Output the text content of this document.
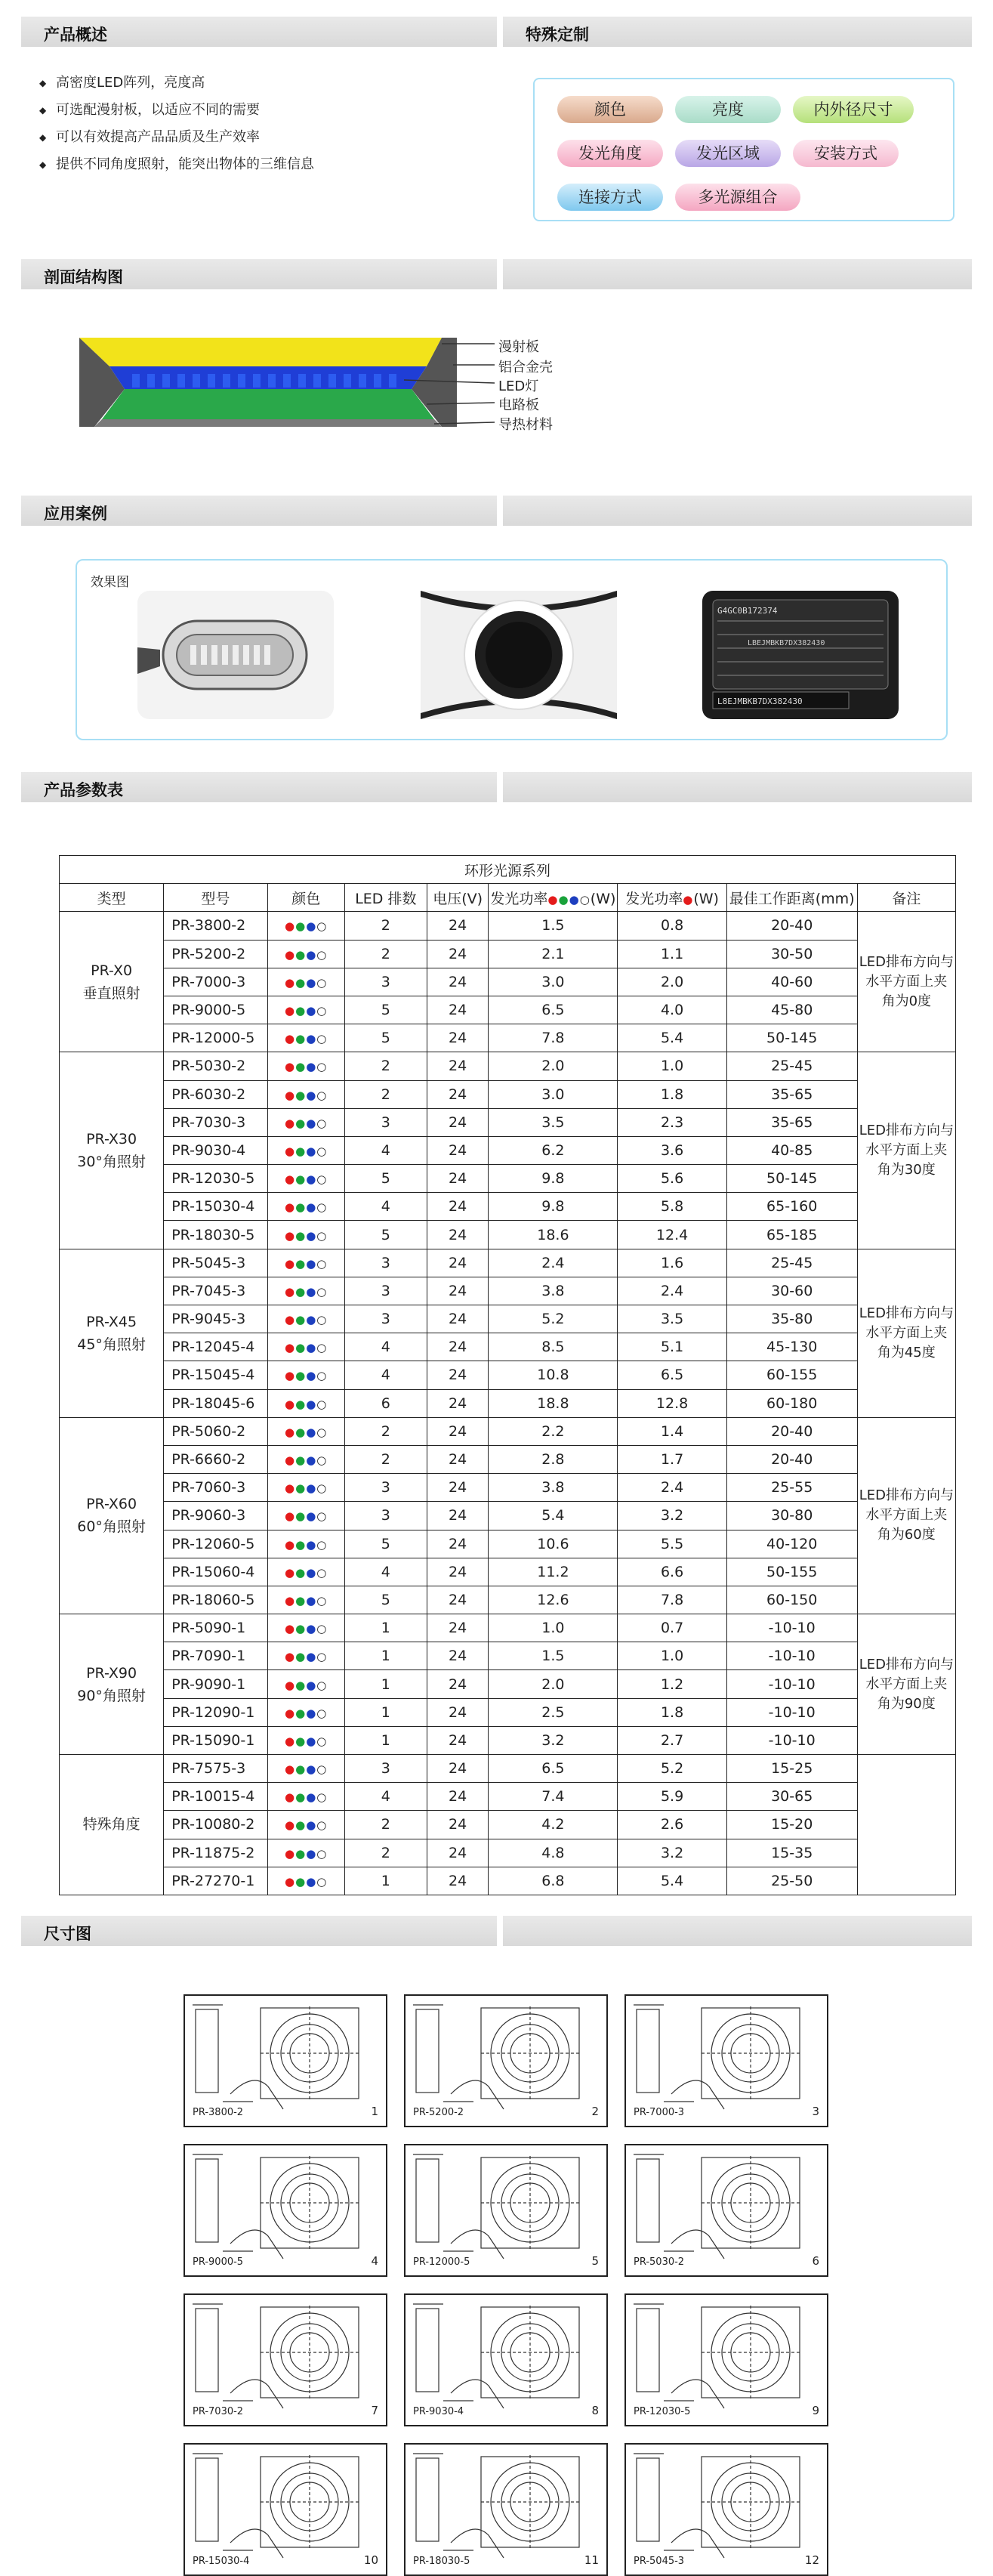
产品概述	特殊定制
◆ 高密度LED阵列，亮度高
◆ 可选配漫射板，以适应不同的需要
◆ 可以有效提高产品品质及生产效率
◆ 提供不同角度照射，能突出物体的三维信息
颜色	亮度	内外径尺寸
发光角度	发光区域	安装方式
连接方式	多光源组合
剖面结构图
漫射板
铝合金壳
LED灯
电路板
导热材料
应用案例
效果图
G4GC0B172374
LBEJMBKB7DX382430
L8EJMBKB7DX382430
产品参数表
环形光源系列								
类型	型号	颜色	LED 排数	电压(V)	发光功率●●●○(W)	发光功率●(W)	最佳工作距离(mm)	备注

PR-X0
垂直照射	PR-3800-2	●●●○	2	24	1.5	0.8	20-40	LED排布方向与水平方面上夹角为0度
	PR-5200-2	●●●○	2	24	2.1	1.1	30-50	
	PR-7000-3	●●●○	3	24	3.0	2.0	40-60	
	PR-9000-5	●●●○	5	24	6.5	4.0	45-80	
	PR-12000-5	●●●○	5	24	7.8	5.4	50-145	

PR-X30
30°角照射	PR-5030-2	●●●○	2	24	2.0	1.0	25-45	LED排布方向与水平方面上夹角为30度
	PR-6030-2	●●●○	2	24	3.0	1.8	35-65	
	PR-7030-3	●●●○	3	24	3.5	2.3	35-65	
	PR-9030-4	●●●○	4	24	6.2	3.6	40-85	
	PR-12030-5	●●●○	5	24	9.8	5.6	50-145	
	PR-15030-4	●●●○	4	24	9.8	5.8	65-160	
	PR-18030-5	●●●○	5	24	18.6	12.4	65-185	

PR-X45
45°角照射	PR-5045-3	●●●○	3	24	2.4	1.6	25-45	LED排布方向与水平方面上夹角为45度
	PR-7045-3	●●●○	3	24	3.8	2.4	30-60	
	PR-9045-3	●●●○	3	24	5.2	3.5	35-80	
	PR-12045-4	●●●○	4	24	8.5	5.1	45-130	
	PR-15045-4	●●●○	4	24	10.8	6.5	60-155	
	PR-18045-6	●●●○	6	24	18.8	12.8	60-180	

PR-X60
60°角照射	PR-5060-2	●●●○	2	24	2.2	1.4	20-40	LED排布方向与水平方面上夹角为60度
	PR-6660-2	●●●○	2	24	2.8	1.7	20-40	
	PR-7060-3	●●●○	3	24	3.8	2.4	25-55	
	PR-9060-3	●●●○	3	24	5.4	3.2	30-80	
	PR-12060-5	●●●○	5	24	10.6	5.5	40-120	
	PR-15060-4	●●●○	4	24	11.2	6.6	50-155	
	PR-18060-5	●●●○	5	24	12.6	7.8	60-150	

PR-X90
90°角照射	PR-5090-1	●●●○	1	24	1.0	0.7	-10-10	LED排布方向与水平方面上夹角为90度
	PR-7090-1	●●●○	1	24	1.5	1.0	-10-10	
	PR-9090-1	●●●○	1	24	2.0	1.2	-10-10	
	PR-12090-1	●●●○	1	24	2.5	1.8	-10-10	
	PR-15090-1	●●●○	1	24	3.2	2.7	-10-10	

特殊角度	PR-7575-3	●●●○	3	24	6.5	5.2	15-25	
	PR-10015-4	●●●○	4	24	7.4	5.9	30-65	
	PR-10080-2	●●●○	2	24	4.2	2.6	15-20	
	PR-11875-2	●●●○	2	24	4.8	3.2	15-35	
	PR-27270-1	●●●○	1	24	6.8	5.4	25-50	
尺寸图
PR-3800-2	1	PR-5200-2	2	PR-7000-3	3
PR-9000-5	4	PR-12000-5	5	PR-5030-2	6
PR-7030-2	7	PR-9030-4	8	PR-12030-5	9
PR-15030-4	10	PR-18030-5	11	PR-5045-3	12
